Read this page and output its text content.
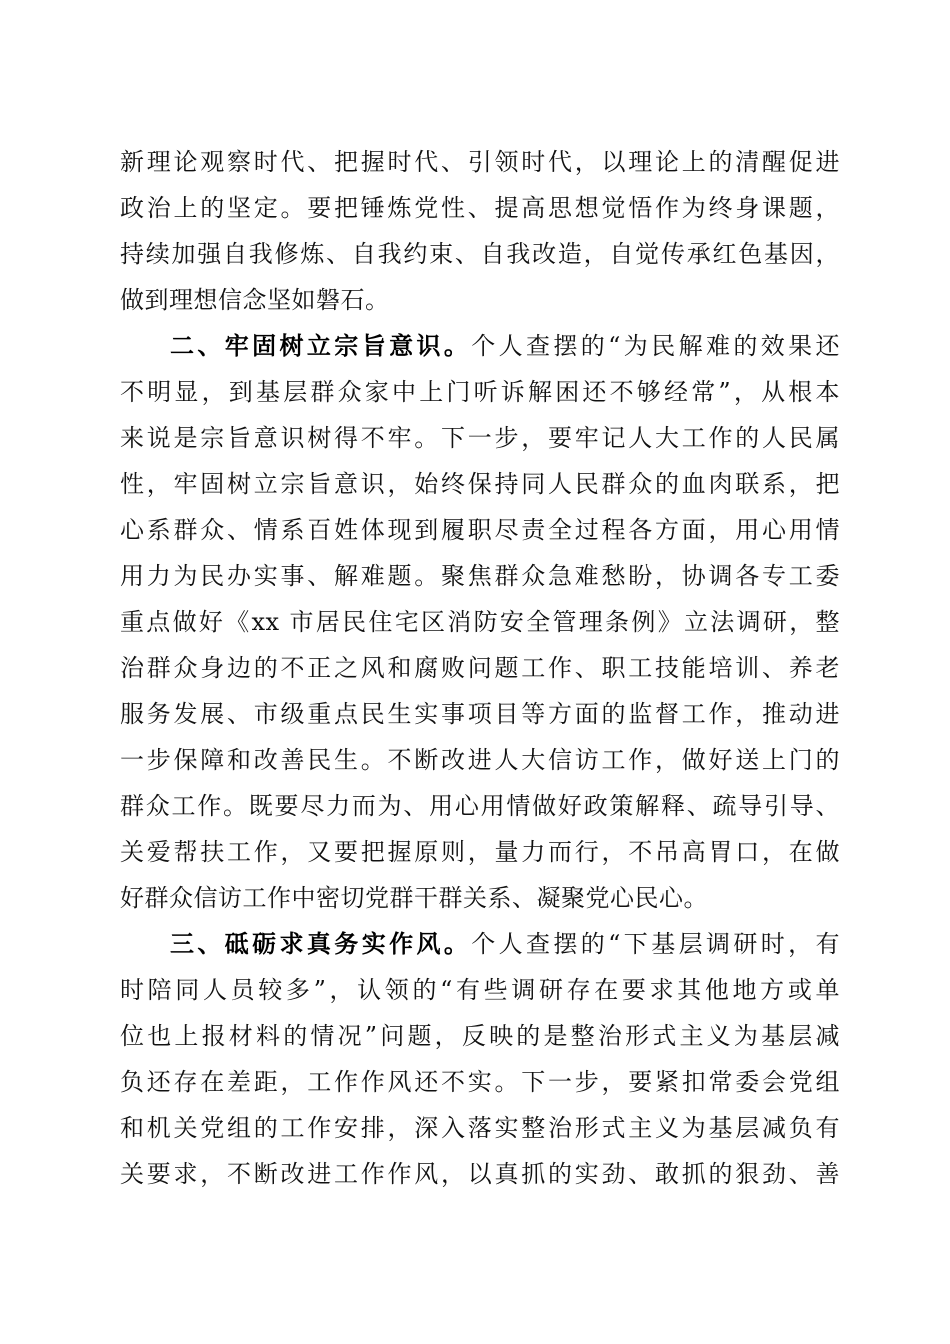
新理论观察时代、把握时代、引领时代，以理论上的清醒促进

政治上的坚定。要把锤炼党性、提高思想觉悟作为终身课题，

持续加强自我修炼、自我约束、自我改造，自觉传承红色基因，

做到理想信念坚如磐石。

二、牢固树立宗旨意识。个人查摆的“为民解难的效果还

不明显，到基层群众家中上门听诉解困还不够经常”，从根本

来说是宗旨意识树得不牢。下一步，要牢记人大工作的人民属

性，牢固树立宗旨意识，始终保持同人民群众的血肉联系，把

心系群众、情系百姓体现到履职尽责全过程各方面，用心用情

用力为民办实事、解难题。聚焦群众急难愁盼，协调各专工委

重点做好《xx 市居民住宅区消防安全管理条例》立法调研，整

治群众身边的不正之风和腐败问题工作、职工技能培训、养老

服务发展、市级重点民生实事项目等方面的监督工作，推动进

一步保障和改善民生。不断改进人大信访工作，做好送上门的

群众工作。既要尽力而为、用心用情做好政策解释、疏导引导、

关爱帮扶工作，又要把握原则，量力而行，不吊高胃口，在做

好群众信访工作中密切党群干群关系、凝聚党心民心。

三、砥砺求真务实作风。个人查摆的“下基层调研时，有

时陪同人员较多”，认领的“有些调研存在要求其他地方或单

位也上报材料的情况”问题，反映的是整治形式主义为基层减

负还存在差距，工作作风还不实。下一步，要紧扣常委会党组

和机关党组的工作安排，深入落实整治形式主义为基层减负有

关要求，不断改进工作作风，以真抓的实劲、敢抓的狠劲、善
